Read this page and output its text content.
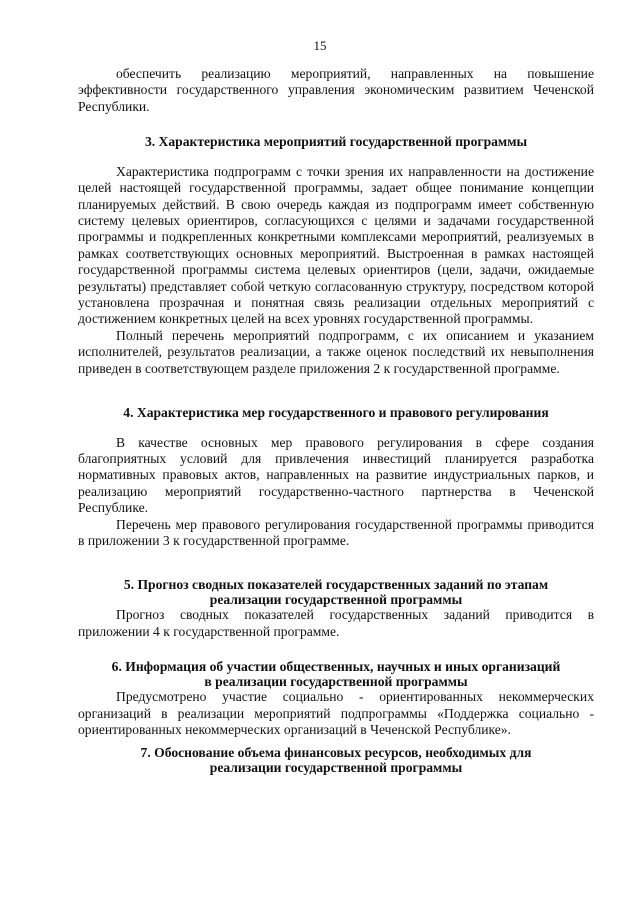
15

обеспечить реализацию мероприятий, направленных на повышение эффективности государственного управления экономическим развитием Чеченской Республики.

3. Характеристика мероприятий государственной программы

Характеристика подпрограмм с точки зрения их направленности на достижение целей настоящей государственной программы, задает общее понимание концепции планируемых действий. В свою очередь каждая из подпрограмм имеет собственную систему целевых ориентиров, согласующихся с целями и задачами государственной программы и подкрепленных конкретными комплексами мероприятий, реализуемых в рамках соответствующих основных мероприятий. Выстроенная в рамках настоящей государственной программы система целевых ориентиров (цели, задачи, ожидаемые результаты) представляет собой четкую согласованную структуру, посредством которой установлена прозрачная и понятная связь реализации отдельных мероприятий с достижением конкретных целей на всех уровнях государственной программы.

Полный перечень мероприятий подпрограмм, с их описанием и указанием исполнителей, результатов реализации, а также оценок последствий их невыполнения приведен в соответствующем разделе приложения 2 к государственной программе.

4. Характеристика мер государственного и правового регулирования

В качестве основных мер правового регулирования в сфере создания благоприятных условий для привлечения инвестиций планируется разработка нормативных правовых актов, направленных на развитие индустриальных парков, и реализацию мероприятий государственно-частного партнерства в Чеченской Республике.

Перечень мер правового регулирования государственной программы приводится в приложении 3 к государственной программе.

5. Прогноз сводных показателей государственных заданий по этапам
реализации государственной программы

Прогноз сводных показателей государственных заданий приводится в приложении 4 к государственной программе.

6. Информация об участии общественных, научных и иных организаций
в реализации государственной программы

Предусмотрено участие социально - ориентированных некоммерческих организаций в реализации мероприятий подпрограммы «Поддержка социально - ориентированных некоммерческих организаций в Чеченской Республике».

7. Обоснование объема финансовых ресурсов, необходимых для
реализации государственной программы
